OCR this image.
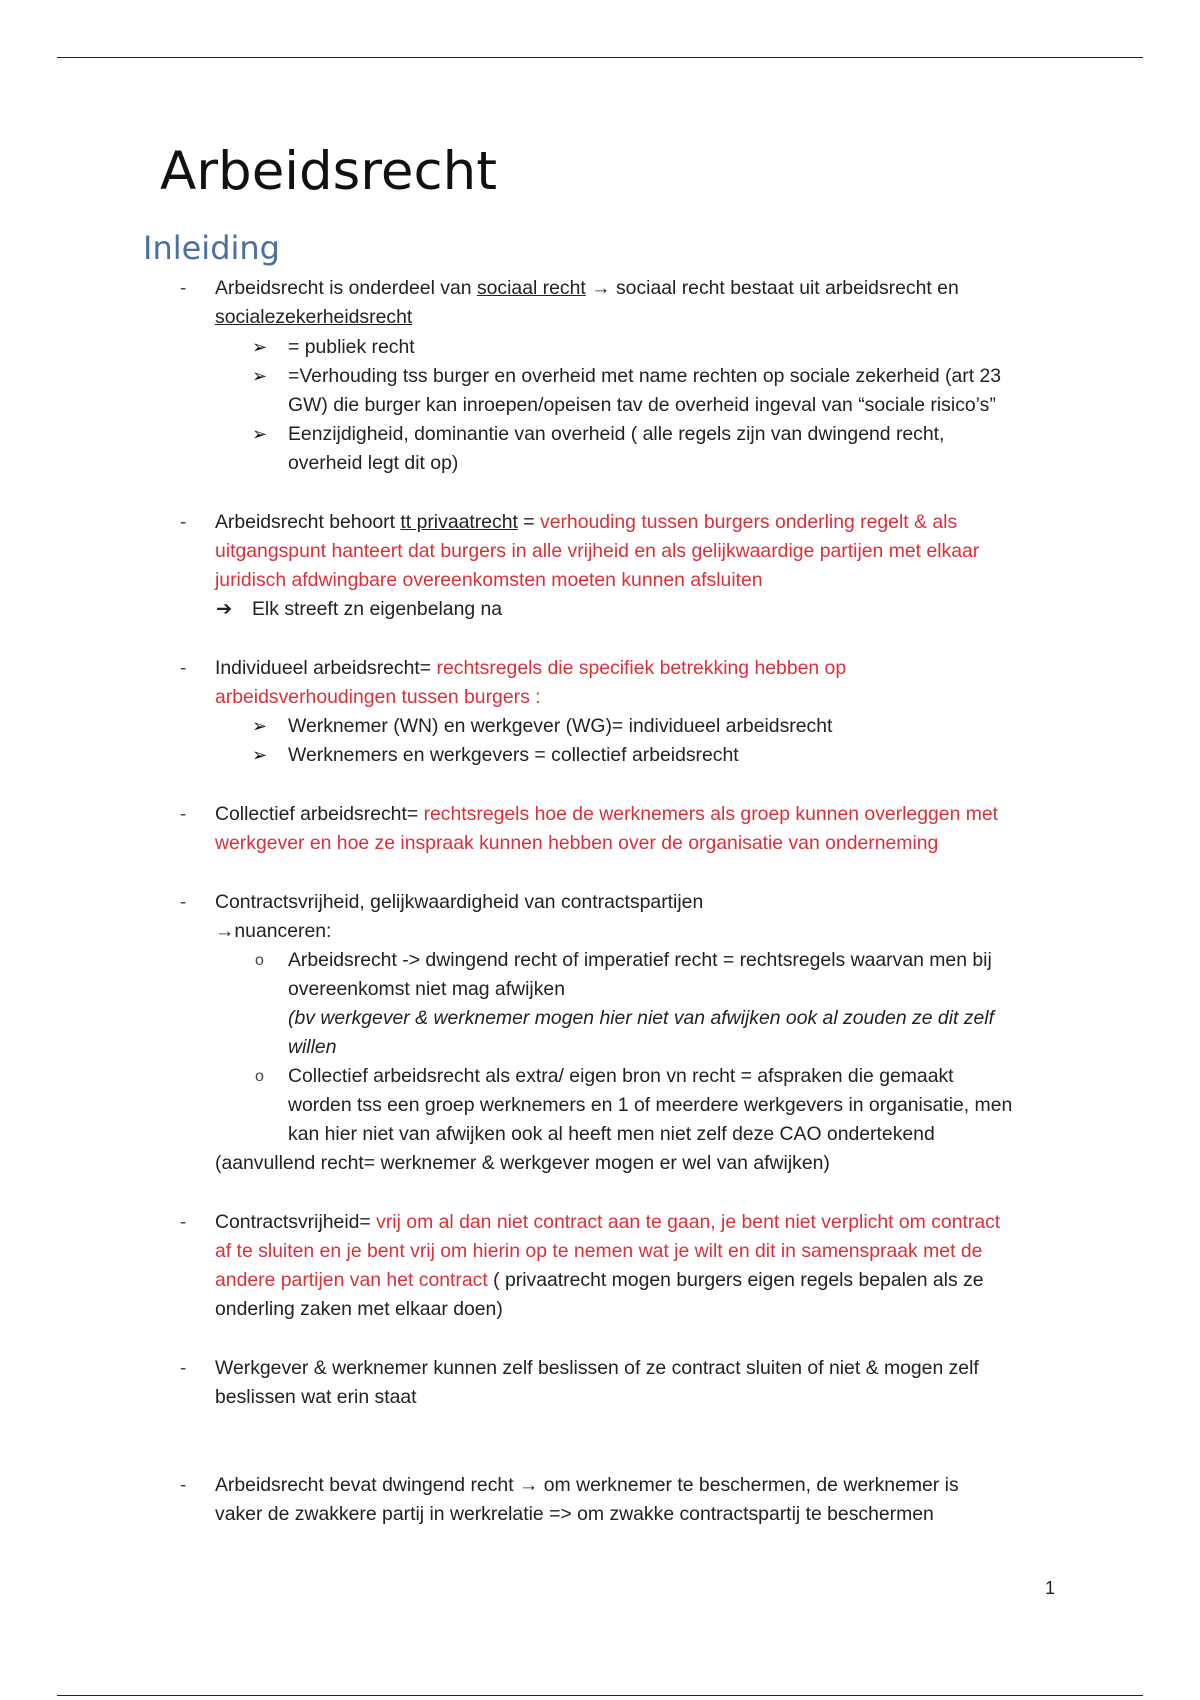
Arbeidsrecht
Inleiding
- Arbeidsrecht is onderdeel van sociaal recht → sociaal recht bestaat uit arbeidsrecht en
socialezekerheidsrecht
➢ = publiek recht
➢ =Verhouding tss burger en overheid met name rechten op sociale zekerheid (art 23
GW) die burger kan inroepen/opeisen tav de overheid ingeval van “sociale risico’s”
➢ Eenzijdigheid, dominantie van overheid ( alle regels zijn van dwingend recht,
overheid legt dit op)
- Arbeidsrecht behoort tt privaatrecht = verhouding tussen burgers onderling regelt & als
uitgangspunt hanteert dat burgers in alle vrijheid en als gelijkwaardige partijen met elkaar
juridisch afdwingbare overeenkomsten moeten kunnen afsluiten
➔ Elk streeft zn eigenbelang na
- Individueel arbeidsrecht= rechtsregels die specifiek betrekking hebben op
arbeidsverhoudingen tussen burgers :
➢ Werknemer (WN) en werkgever (WG)= individueel arbeidsrecht
➢ Werknemers en werkgevers = collectief arbeidsrecht
- Collectief arbeidsrecht= rechtsregels hoe de werknemers als groep kunnen overleggen met
werkgever en hoe ze inspraak kunnen hebben over de organisatie van onderneming
- Contractsvrijheid, gelijkwaardigheid van contractspartijen
→nuanceren:
o Arbeidsrecht -> dwingend recht of imperatief recht = rechtsregels waarvan men bij
overeenkomst niet mag afwijken
(bv werkgever & werknemer mogen hier niet van afwijken ook al zouden ze dit zelf
willen
o Collectief arbeidsrecht als extra/ eigen bron vn recht = afspraken die gemaakt
worden tss een groep werknemers en 1 of meerdere werkgevers in organisatie, men
kan hier niet van afwijken ook al heeft men niet zelf deze CAO ondertekend
(aanvullend recht= werknemer & werkgever mogen er wel van afwijken)
- Contractsvrijheid= vrij om al dan niet contract aan te gaan, je bent niet verplicht om contract
af te sluiten en je bent vrij om hierin op te nemen wat je wilt en dit in samenspraak met de
andere partijen van het contract ( privaatrecht mogen burgers eigen regels bepalen als ze
onderling zaken met elkaar doen)
- Werkgever & werknemer kunnen zelf beslissen of ze contract sluiten of niet & mogen zelf
beslissen wat erin staat
- Arbeidsrecht bevat dwingend recht → om werknemer te beschermen, de werknemer is
vaker de zwakkere partij in werkrelatie => om zwakke contractspartij te beschermen
1
